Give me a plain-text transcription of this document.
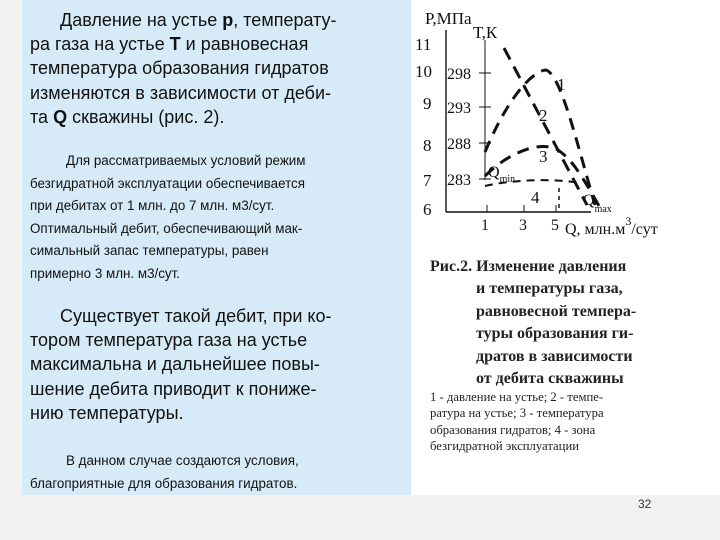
Давление на устье р, температу-
ра газа на устье Т и равновесная
температура образования гидратов
изменяются в зависимости от деби-
та Q скважины (рис. 2).
Для рассматриваемых условий режим
безгидратной эксплуатации обеспечивается
при дебитах от 1 млн. до 7 млн. м3/сут.
Оптимальный дебит, обеспечивающий мак-
симальный запас температуры, равен
примерно 3 млн. м3/сут.
Существует такой дебит, при ко-
тором температура газа на устье
максимальна и дальнейшее повы-
шение дебита приводит к пониже-
нию температуры.
В данном случае создаются условия,
благоприятные для образования гидратов.
Р,МПа
Т,К
11
10
9
8
7
6
298
293
288
283
1 3 5 Q, $млн.м^3$/сут
1
2
3
4
$Q_{min}$
$Q_{max}$
Рис.2. Изменение давления
и температуры газа,
равновесной темпера-
туры образования ги-
дратов в зависимости
от дебита скважины
1 - давление на устье; 2 - темпе-
ратура на устье; 3 - температура
образования гидратов; 4 - зона
безгидратной эксплуатации
32
